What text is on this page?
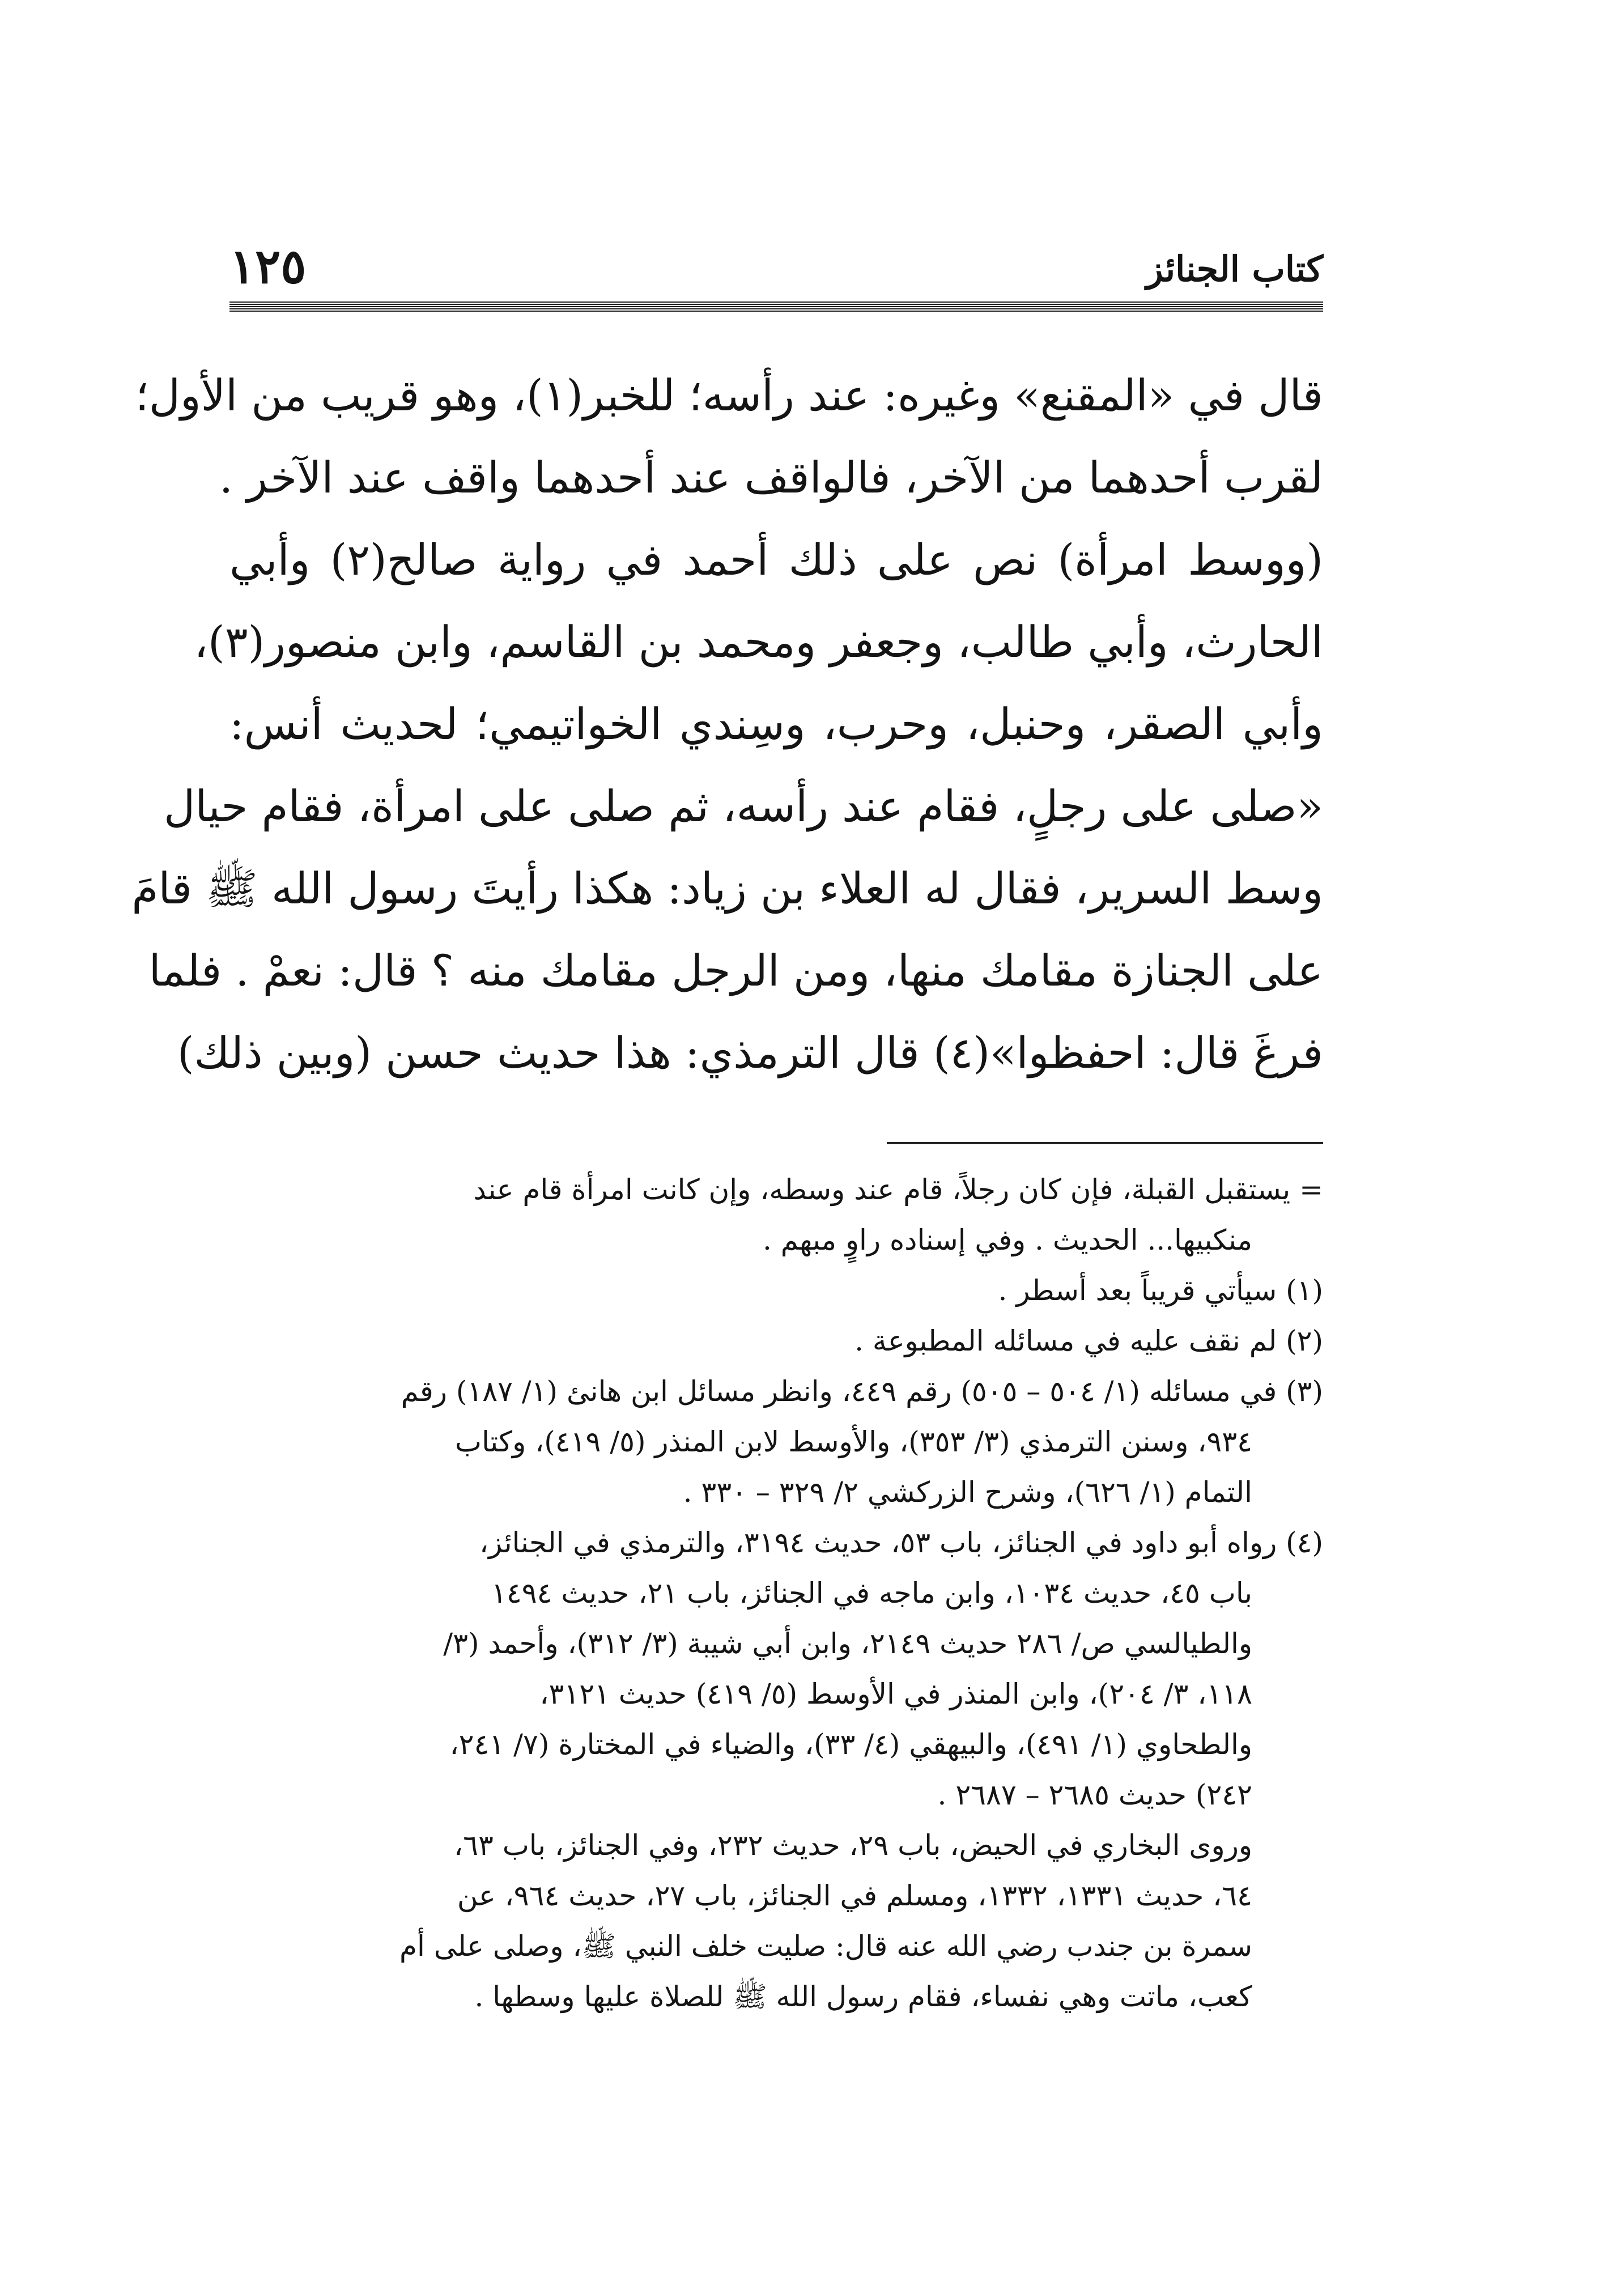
كتاب الجنائز
١٢٥
قال في «المقنع» وغيره: عند رأسه؛ للخبر(١)، وهو قريب من الأول؛
لقرب أحدهما من الآخر، فالواقف عند أحدهما واقف عند الآخر .
(ووسط امرأة) نص على ذلك أحمد في رواية صالح(٢) وأبي
الحارث، وأبي طالب، وجعفر ومحمد بن القاسم، وابن منصور(٣)،
وأبي الصقر، وحنبل، وحرب، وسِندي الخواتيمي؛ لحديث أنس:
«صلى على رجلٍ، فقام عند رأسه، ثم صلى على امرأة، فقام حيال
وسط السرير، فقال له العلاء بن زياد: هكذا رأيتَ رسول الله ﷺ قامَ
على الجنازة مقامك منها، ومن الرجل مقامك منه ؟ قال: نعمْ . فلما
فرغَ قال: احفظوا»(٤) قال الترمذي: هذا حديث حسن (وبين ذلك)
= يستقبل القبلة، فإن كان رجلاً، قام عند وسطه، وإن كانت امرأة قام عند
منكبيها... الحديث . وفي إسناده راوٍ مبهم .
(١) سيأتي قريباً بعد أسطر .
(٢) لم نقف عليه في مسائله المطبوعة .
(٣) في مسائله (١/ ٥٠٤ – ٥٠٥) رقم ٤٤٩، وانظر مسائل ابن هانئ (١/ ١٨٧) رقم
٩٣٤، وسنن الترمذي (٣/ ٣٥٣)، والأوسط لابن المنذر (٥/ ٤١٩)، وكتاب
التمام (١/ ٦٢٦)، وشرح الزركشي ٢/ ٣٢٩ – ٣٣٠ .
(٤) رواه أبو داود في الجنائز، باب ٥٣، حديث ٣١٩٤، والترمذي في الجنائز،
باب ٤٥، حديث ١٠٣٤، وابن ماجه في الجنائز، باب ٢١، حديث ١٤٩٤
والطيالسي ص/ ٢٨٦ حديث ٢١٤٩، وابن أبي شيبة (٣/ ٣١٢)، وأحمد (٣/
١١٨، ٣/ ٢٠٤)، وابن المنذر في الأوسط (٥/ ٤١٩) حديث ٣١٢١،
والطحاوي (١/ ٤٩١)، والبيهقي (٤/ ٣٣)، والضياء في المختارة (٧/ ٢٤١،
٢٤٢) حديث ٢٦٨٥ – ٢٦٨٧ .
وروى البخاري في الحيض، باب ٢٩، حديث ٢٣٢، وفي الجنائز، باب ٦٣،
٦٤، حديث ١٣٣١، ١٣٣٢، ومسلم في الجنائز، باب ٢٧، حديث ٩٦٤، عن
سمرة بن جندب رضي الله عنه قال: صليت خلف النبي ﷺ، وصلى على أم
كعب، ماتت وهي نفساء، فقام رسول الله ﷺ للصلاة عليها وسطها .
